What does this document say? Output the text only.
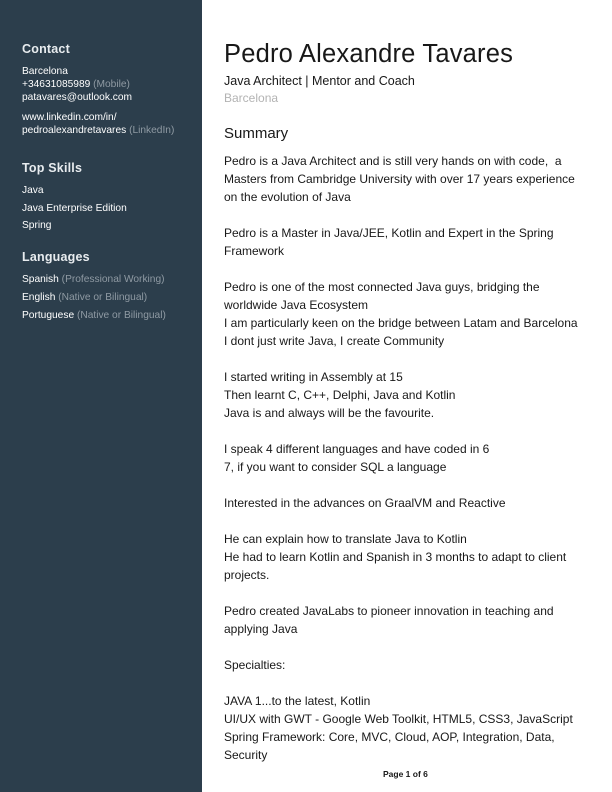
Contact
Barcelona
+34631085989 (Mobile)
patavares@outlook.com
www.linkedin.com/in/
pedroalexandretavares (LinkedIn)
Top Skills
Java
Java Enterprise Edition
Spring
Languages
Spanish (Professional Working)
English (Native or Bilingual)
Portuguese (Native or Bilingual)
Pedro Alexandre Tavares
Java Architect | Mentor and Coach
Barcelona
Summary
Pedro is a Java Architect and is still very hands on with code,  a
Masters from Cambridge University with over 17 years experience
on the evolution of Java
Pedro is a Master in Java/JEE, Kotlin and Expert in the Spring
Framework
Pedro is one of the most connected Java guys, bridging the
worldwide Java Ecosystem
I am particularly keen on the bridge between Latam and Barcelona
I dont just write Java, I create Community
I started writing in Assembly at 15
Then learnt C, C++, Delphi, Java and Kotlin
Java is and always will be the favourite.
I speak 4 different languages and have coded in 6
7, if you want to consider SQL a language
Interested in the advances on GraalVM and Reactive
He can explain how to translate Java to Kotlin
He had to learn Kotlin and Spanish in 3 months to adapt to client
projects.
Pedro created JavaLabs to pioneer innovation in teaching and
applying Java
Specialties:
JAVA 1...to the latest, Kotlin
UI/UX with GWT - Google Web Toolkit, HTML5, CSS3, JavaScript
Spring Framework: Core, MVC, Cloud, AOP, Integration, Data,
Security
Page 1 of 6
